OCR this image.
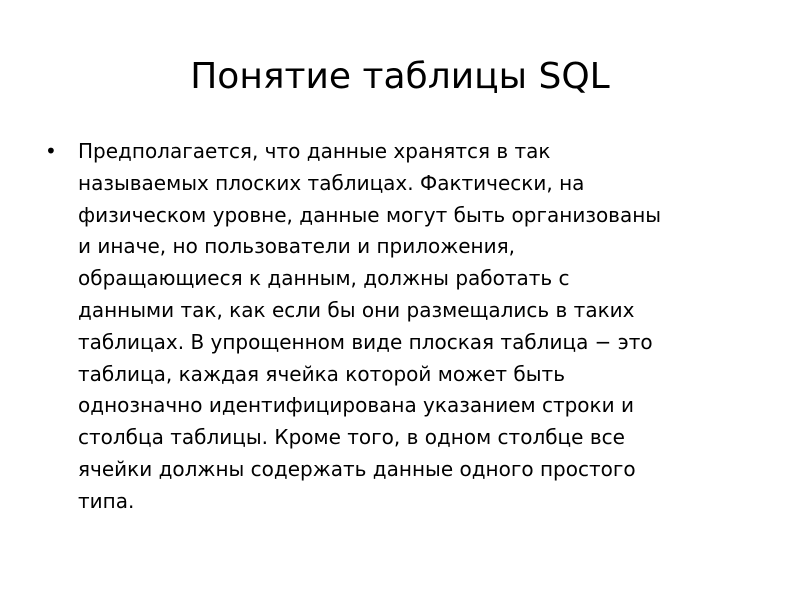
Понятие таблицы SQL
•	Предполагается, что данные хранятся в так
называемых плоских таблицах. Фактически, на
физическом уровне, данные могут быть организованы
и иначе, но пользователи и приложения,
обращающиеся к данным, должны работать с
данными так, как если бы они размещались в таких
таблицах. В упрощенном виде плоская таблица − это
таблица, каждая ячейка которой может быть
однозначно идентифицирована указанием строки и
столбца таблицы. Кроме того, в одном столбце все
ячейки должны содержать данные одного простого
типа.
